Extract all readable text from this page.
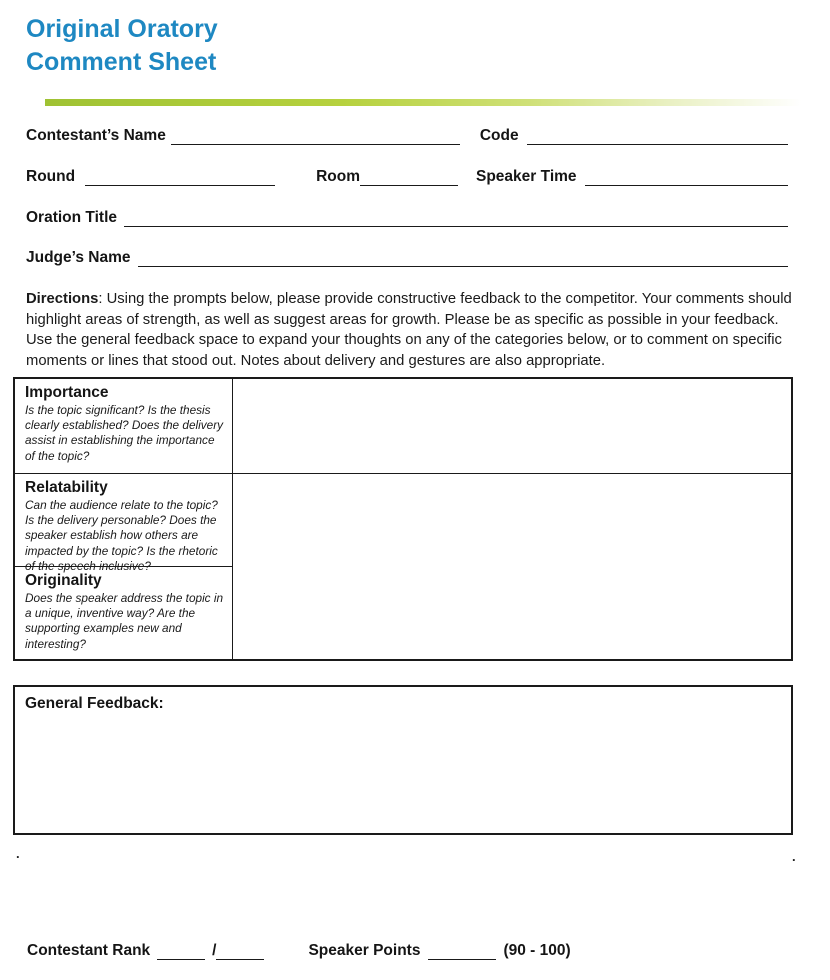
Original Oratory
Comment Sheet
Contestant’s Name	Code
Round	Room	Speaker Time
Oration Title
Judge’s Name

Directions: Using the prompts below, please provide constructive feedback to the competitor. Your comments should highlight areas of strength, as well as suggest areas for growth. Please be as specific as possible in your feedback. Use the general feedback space to expand your thoughts on any of the categories below, or to comment on specific moments or lines that stood out. Notes about delivery and gestures are also appropriate.

Importance
Is the topic significant? Is the thesis clearly established? Does the delivery assist in establishing the importance of the topic?
Relatability
Can the audience relate to the topic? Is the delivery personable? Does the speaker establish how others are impacted by the topic? Is the rhetoric of the speech inclusive?
Originality
Does the speaker address the topic in a unique, inventive way? Are the supporting examples new and interesting?
General Feedback:
.	.
Contestant Rank	/	Speaker Points	(90 - 100)
